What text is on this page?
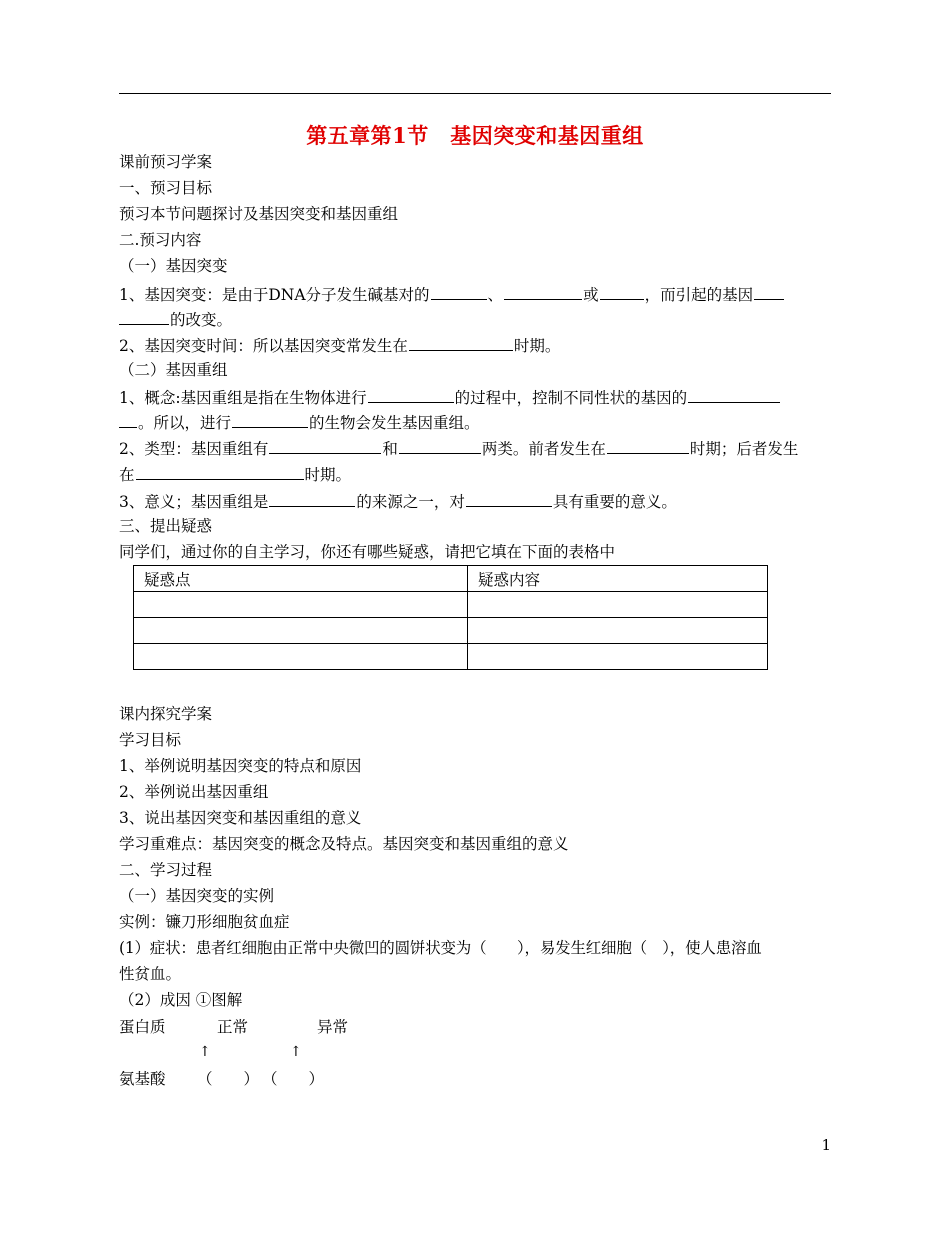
第五章第1节　基因突变和基因重组
课前预习学案
一、预习目标
预习本节问题探讨及基因突变和基因重组
二.预习内容
（一）基因突变
1、基因突变：是由于DNA分子发生碱基对的	、	或	，而引起的基因
的改变。
2、基因突变时间：所以基因突变常发生在	时期。
（二）基因重组
1、概念:基因重组是指在生物体进行	的过程中，控制不同性状的基因的
。所以，进行	的生物会发生基因重组。
2、类型：基因重组有	和	两类。前者发生在	时期；后者发生
在	时期。
3、意义；基因重组是	的来源之一，对	具有重要的意义。
三、提出疑惑
同学们，通过你的自主学习，你还有哪些疑惑，请把它填在下面的表格中
疑惑点	疑惑内容

课内探究学案
学习目标
1、举例说明基因突变的特点和原因
2、举例说出基因重组
3、说出基因突变和基因重组的意义
学习重难点：基因突变的概念及特点。基因突变和基因重组的意义
二、学习过程
（一）基因突变的实例
实例：镰刀形细胞贫血症
(1）症状：患者红细胞由正常中央微凹的圆饼状变为（　　），易发生红细胞（　），使人患溶血
性贫血。
（2）成因 ①图解
蛋白质	正常	异常
↑	↑
氨基酸 （　　） （　　）
1
